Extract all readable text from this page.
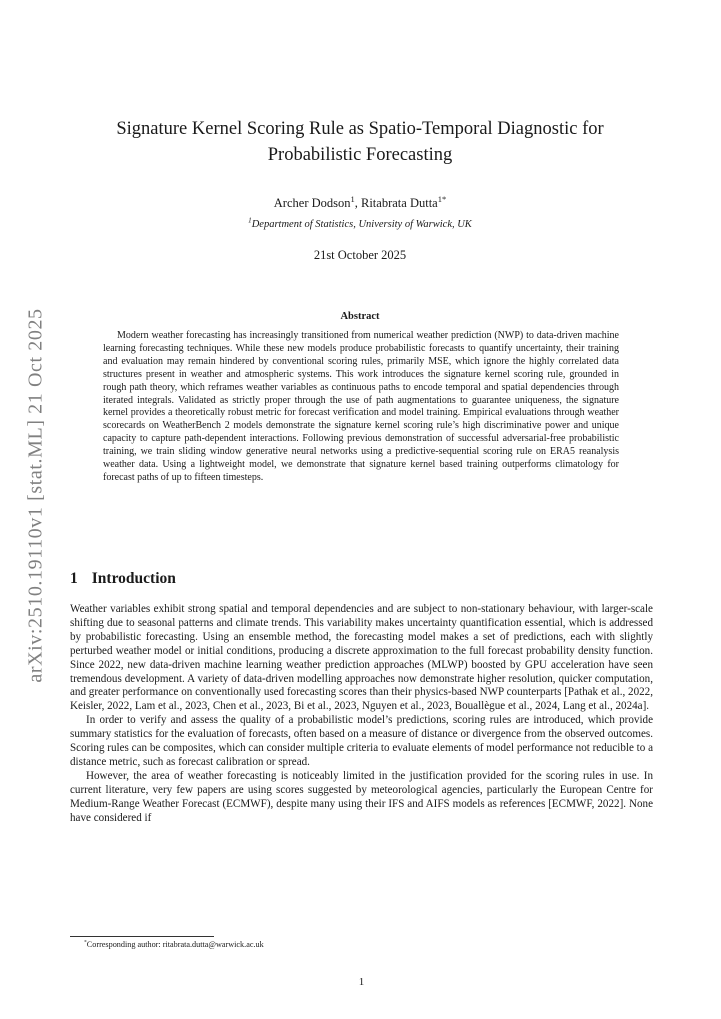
arXiv:2510.19110v1 [stat.ML] 21 Oct 2025
Signature Kernel Scoring Rule as Spatio-Temporal Diagnostic for Probabilistic Forecasting
Archer Dodson$^1$, Ritabrata Dutta$^{1*}$
$^1$Department of Statistics, University of Warwick, UK
21st October 2025
Abstract
Modern weather forecasting has increasingly transitioned from numerical weather prediction (NWP) to data-driven machine learning forecasting techniques. While these new models produce probabilistic forecasts to quantify uncertainty, their training and evaluation may remain hindered by conventional scoring rules, primarily MSE, which ignore the highly correlated data structures present in weather and atmospheric systems. This work introduces the signature kernel scoring rule, grounded in rough path theory, which reframes weather variables as continuous paths to encode temporal and spatial dependencies through iterated integrals. Validated as strictly proper through the use of path augmentations to guarantee uniqueness, the signature kernel provides a theoretically robust metric for forecast verification and model training. Empirical evaluations through weather scorecards on WeatherBench 2 models demonstrate the signature kernel scoring rule’s high discriminative power and unique capacity to capture path-dependent interactions. Following previous demonstration of successful adversarial-free probabilistic training, we train sliding window generative neural networks using a predictive-sequential scoring rule on ERA5 reanalysis weather data. Using a lightweight model, we demonstrate that signature kernel based training outperforms climatology for forecast paths of up to fifteen timesteps.
1 Introduction

Weather variables exhibit strong spatial and temporal dependencies and are subject to non-stationary behaviour, with larger-scale shifting due to seasonal patterns and climate trends. This variability makes uncertainty quantification essential, which is addressed by probabilistic forecasting. Using an ensemble method, the forecasting model makes a set of predictions, each with slightly perturbed weather model or initial conditions, producing a discrete approximation to the full forecast probability density function. Since 2022, new data-driven machine learning weather prediction approaches (MLWP) boosted by GPU acceleration have seen tremendous development. A variety of data-driven modelling approaches now demonstrate higher resolution, quicker computation, and greater performance on conventionally used forecasting scores than their physics-based NWP counterparts [Pathak et al., 2022, Keisler, 2022, Lam et al., 2023, Chen et al., 2023, Bi et al., 2023, Nguyen et al., 2023, Bouallègue et al., 2024, Lang et al., 2024a].

In order to verify and assess the quality of a probabilistic model’s predictions, scoring rules are introduced, which provide summary statistics for the evaluation of forecasts, often based on a measure of distance or divergence from the observed outcomes. Scoring rules can be composites, which can consider multiple criteria to evaluate elements of model performance not reducible to a distance metric, such as forecast calibration or spread.

However, the area of weather forecasting is noticeably limited in the justification provided for the scoring rules in use. In current literature, very few papers are using scores suggested by meteorological agencies, particularly the European Centre for Medium-Range Weather Forecast (ECMWF), despite many using their IFS and AIFS models as references [ECMWF, 2022]. None have considered if

*Corresponding author: ritabrata.dutta@warwick.ac.uk
1
